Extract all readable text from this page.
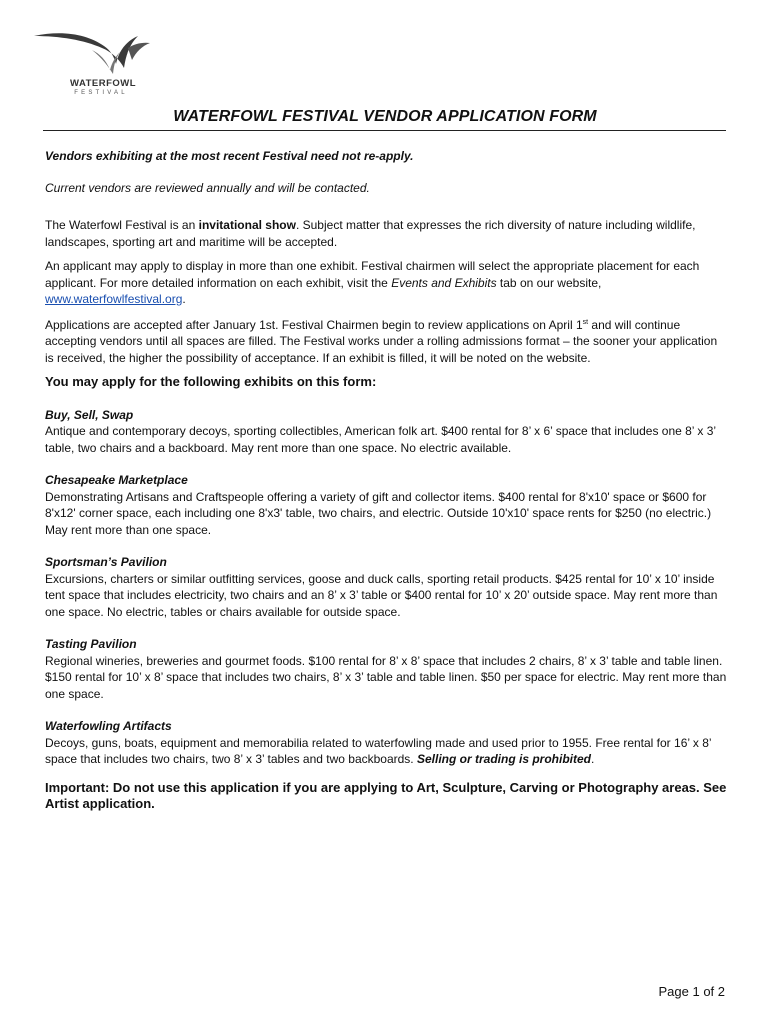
WATERFOWL
FESTIVAL
WATERFOWL FESTIVAL VENDOR APPLICATION FORM

Vendors exhibiting at the most recent Festival need not re-apply.

Current vendors are reviewed annually and will be contacted.

The Waterfowl Festival is an invitational show. Subject matter that expresses the rich diversity of nature including wildlife, landscapes, sporting art and maritime will be accepted.

An applicant may apply to display in more than one exhibit. Festival chairmen will select the appropriate placement for each applicant. For more detailed information on each exhibit, visit the Events and Exhibits tab on our website, www.waterfowlfestival.org.

Applications are accepted after January 1st. Festival Chairmen begin to review applications on April 1st and will continue accepting vendors until all spaces are filled. The Festival works under a rolling admissions format – the sooner your application is received, the higher the possibility of acceptance. If an exhibit is filled, it will be noted on the website.

You may apply for the following exhibits on this form:

Buy, Sell, Swap

Antique and contemporary decoys, sporting collectibles, American folk art. $400 rental for 8’ x 6’ space that includes one 8’ x 3’ table, two chairs and a backboard. May rent more than one space. No electric available.

Chesapeake Marketplace

Demonstrating Artisans and Craftspeople offering a variety of gift and collector items. $400 rental for 8'x10' space or $600 for 8'x12' corner space, each including one 8'x3' table, two chairs, and electric. Outside 10'x10' space rents for $250 (no electric.) May rent more than one space.

Sportsman’s Pavilion

Excursions, charters or similar outfitting services, goose and duck calls, sporting retail products. $425 rental for 10’ x 10’ inside tent space that includes electricity, two chairs and an 8’ x 3’ table or $400 rental for 10’ x 20’ outside space. May rent more than one space. No electric, tables or chairs available for outside space.

Tasting Pavilion

Regional wineries, breweries and gourmet foods. $100 rental for 8’ x 8’ space that includes 2 chairs, 8’ x 3’ table and table linen. $150 rental for 10’ x 8’ space that includes two chairs, 8’ x 3’ table and table linen. $50 per space for electric. May rent more than one space.

Waterfowling Artifacts

Decoys, guns, boats, equipment and memorabilia related to waterfowling made and used prior to 1955. Free rental for 16’ x 8’ space that includes two chairs, two 8’ x 3’ tables and two backboards. Selling or trading is prohibited.

Important: Do not use this application if you are applying to Art, Sculpture, Carving or Photography areas. See Artist application.

Page 1 of 2
